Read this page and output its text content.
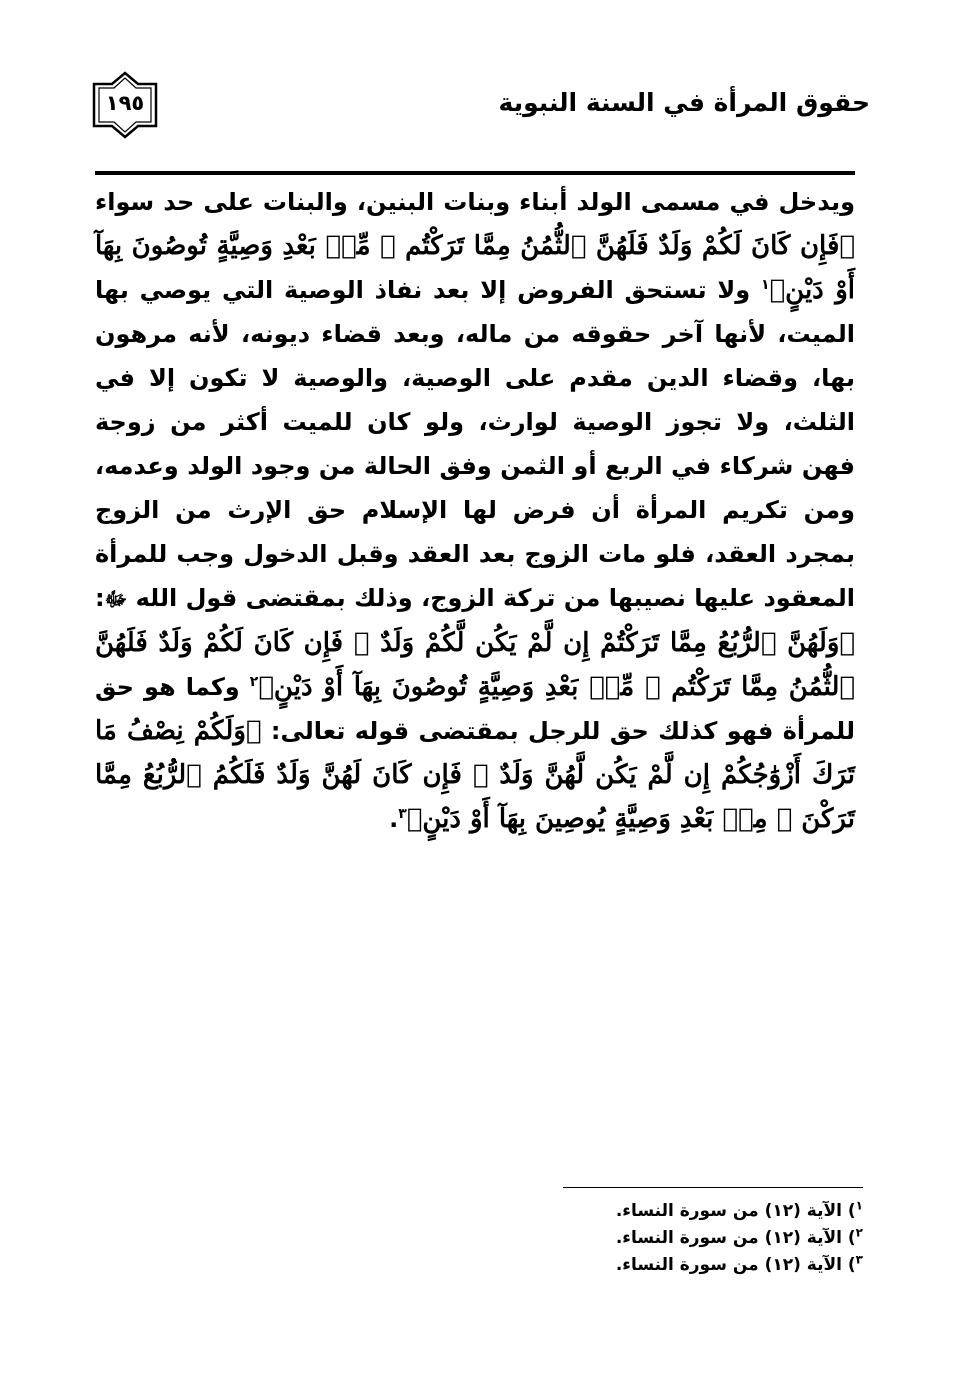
حقوق المرأة في السنة النبوية
١٩٥

ويدخل في مسمى الولد أبناء وبنات البنين، والبنات على حد سواء ﴿فَإِن كَانَ لَكُمْ وَلَدٌ فَلَهُنَّ ٱلثُّمُنُ مِمَّا تَرَكْتُم ۚ مِّنۢ بَعْدِ وَصِيَّةٍ تُوصُونَ بِهَآ أَوْ دَيْنٍ﴾$^١$ ولا تستحق الفروض إلا بعد نفاذ الوصية التي يوصي بها الميت، لأنها آخر حقوقه من ماله، وبعد قضاء ديونه، لأنه مرهون بها، وقضاء الدين مقدم على الوصية، والوصية لا تكون إلا في الثلث، ولا تجوز الوصية لوارث، ولو كان للميت أكثر من زوجة فهن شركاء في الربع أو الثمن وفق الحالة من وجود الولد وعدمه، ومن تكريم المرأة أن فرض لها الإسلام حق الإرث من الزوج بمجرد العقد، فلو مات الزوج بعد العقد وقبل الدخول وجب للمرأة المعقود عليها نصيبها من تركة الزوج، وذلك بمقتضى قول الله ﷻ: ﴿وَلَهُنَّ ٱلرُّبُعُ مِمَّا تَرَكْتُمْ إِن لَّمْ يَكُن لَّكُمْ وَلَدٌ ۚ فَإِن كَانَ لَكُمْ وَلَدٌ فَلَهُنَّ ٱلثُّمُنُ مِمَّا تَرَكْتُم ۚ مِّنۢ بَعْدِ وَصِيَّةٍ تُوصُونَ بِهَآ أَوْ دَيْنٍ﴾$^٢$ وكما هو حق للمرأة فهو كذلك حق للرجل بمقتضى قوله تعالى: ﴿وَلَكُمْ نِصْفُ مَا تَرَكَ أَزْوَٰجُكُمْ إِن لَّمْ يَكُن لَّهُنَّ وَلَدٌ ۚ فَإِن كَانَ لَهُنَّ وَلَدٌ فَلَكُمُ ٱلرُّبُعُ مِمَّا تَرَكْنَ ۚ مِنۢ بَعْدِ وَصِيَّةٍ يُوصِينَ بِهَآ أَوْ دَيْنٍ﴾$^٣$.

$^١$) الآية (١٢) من سورة النساء.

$^٢$) الآية (١٢) من سورة النساء.

$^٣$) الآية (١٢) من سورة النساء.
